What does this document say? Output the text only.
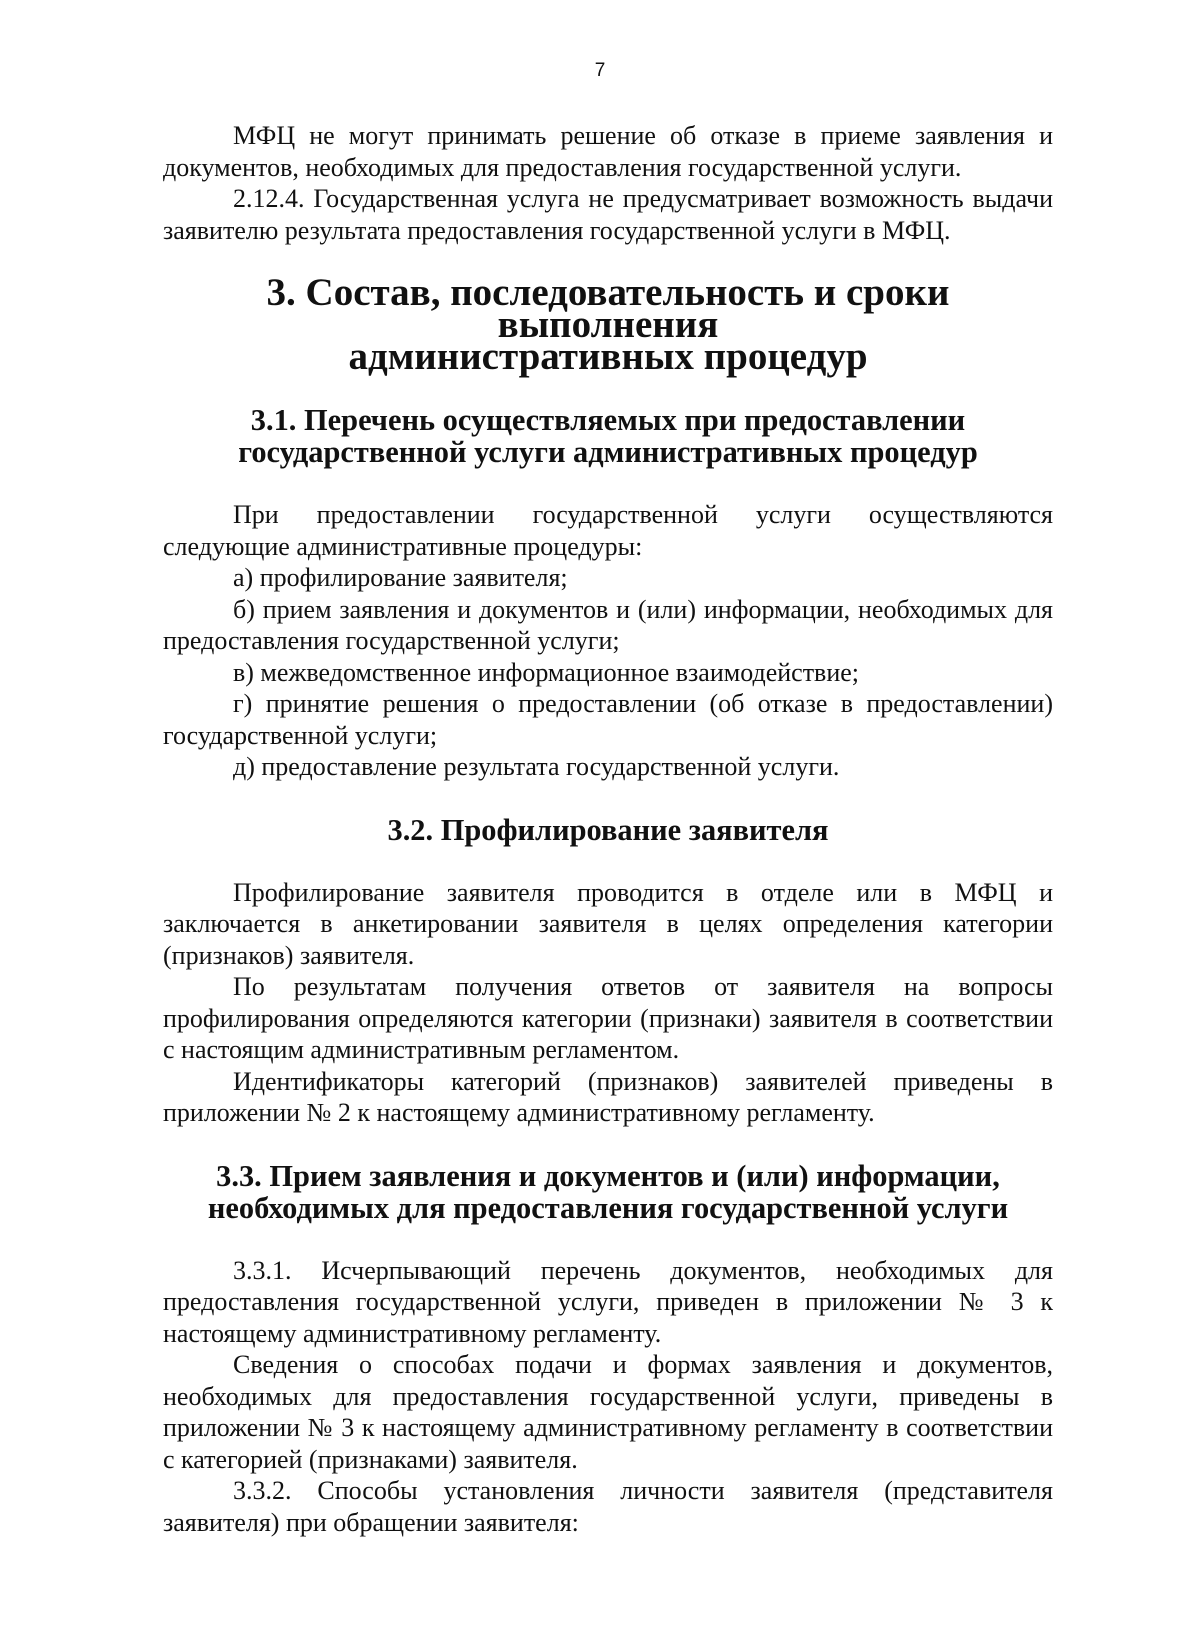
7

МФЦ не могут принимать решение об отказе в приеме заявления и документов, необходимых для предоставления государственной услуги.

2.12.4. Государственная услуга не предусматривает возможность выдачи заявителю результата предоставления государственной услуги в МФЦ.

3. Состав, последовательность и сроки выполнения
административных процедур
3.1. Перечень осуществляемых при предоставлении
государственной услуги административных процедур

При предоставлении государственной услуги осуществляются следующие административные процедуры:

а) профилирование заявителя;

б) прием заявления и документов и (или) информации, необходимых для предоставления государственной услуги;

в) межведомственное информационное взаимодействие;

г) принятие решения о предоставлении (об отказе в предоставлении) государственной услуги;

д) предоставление результата государственной услуги.

3.2. Профилирование заявителя

Профилирование заявителя проводится в отделе или в МФЦ и заключается в анкетировании заявителя в целях определения категории (признаков) заявителя.

По результатам получения ответов от заявителя на вопросы профилирования определяются категории (признаки) заявителя в соответствии с настоящим административным регламентом.

Идентификаторы категорий (признаков) заявителей приведены в приложении № 2 к настоящему административному регламенту.

3.3. Прием заявления и документов и (или) информации,
необходимых для предоставления государственной услуги

3.3.1. Исчерпывающий перечень документов, необходимых для предоставления государственной услуги, приведен в приложении № 3 к настоящему административному регламенту.

Сведения о способах подачи и формах заявления и документов, необходимых для предоставления государственной услуги, приведены в приложении № 3 к настоящему административному регламенту в соответствии с категорией (признаками) заявителя.

3.3.2. Способы установления личности заявителя (представителя заявителя) при обращении заявителя:
